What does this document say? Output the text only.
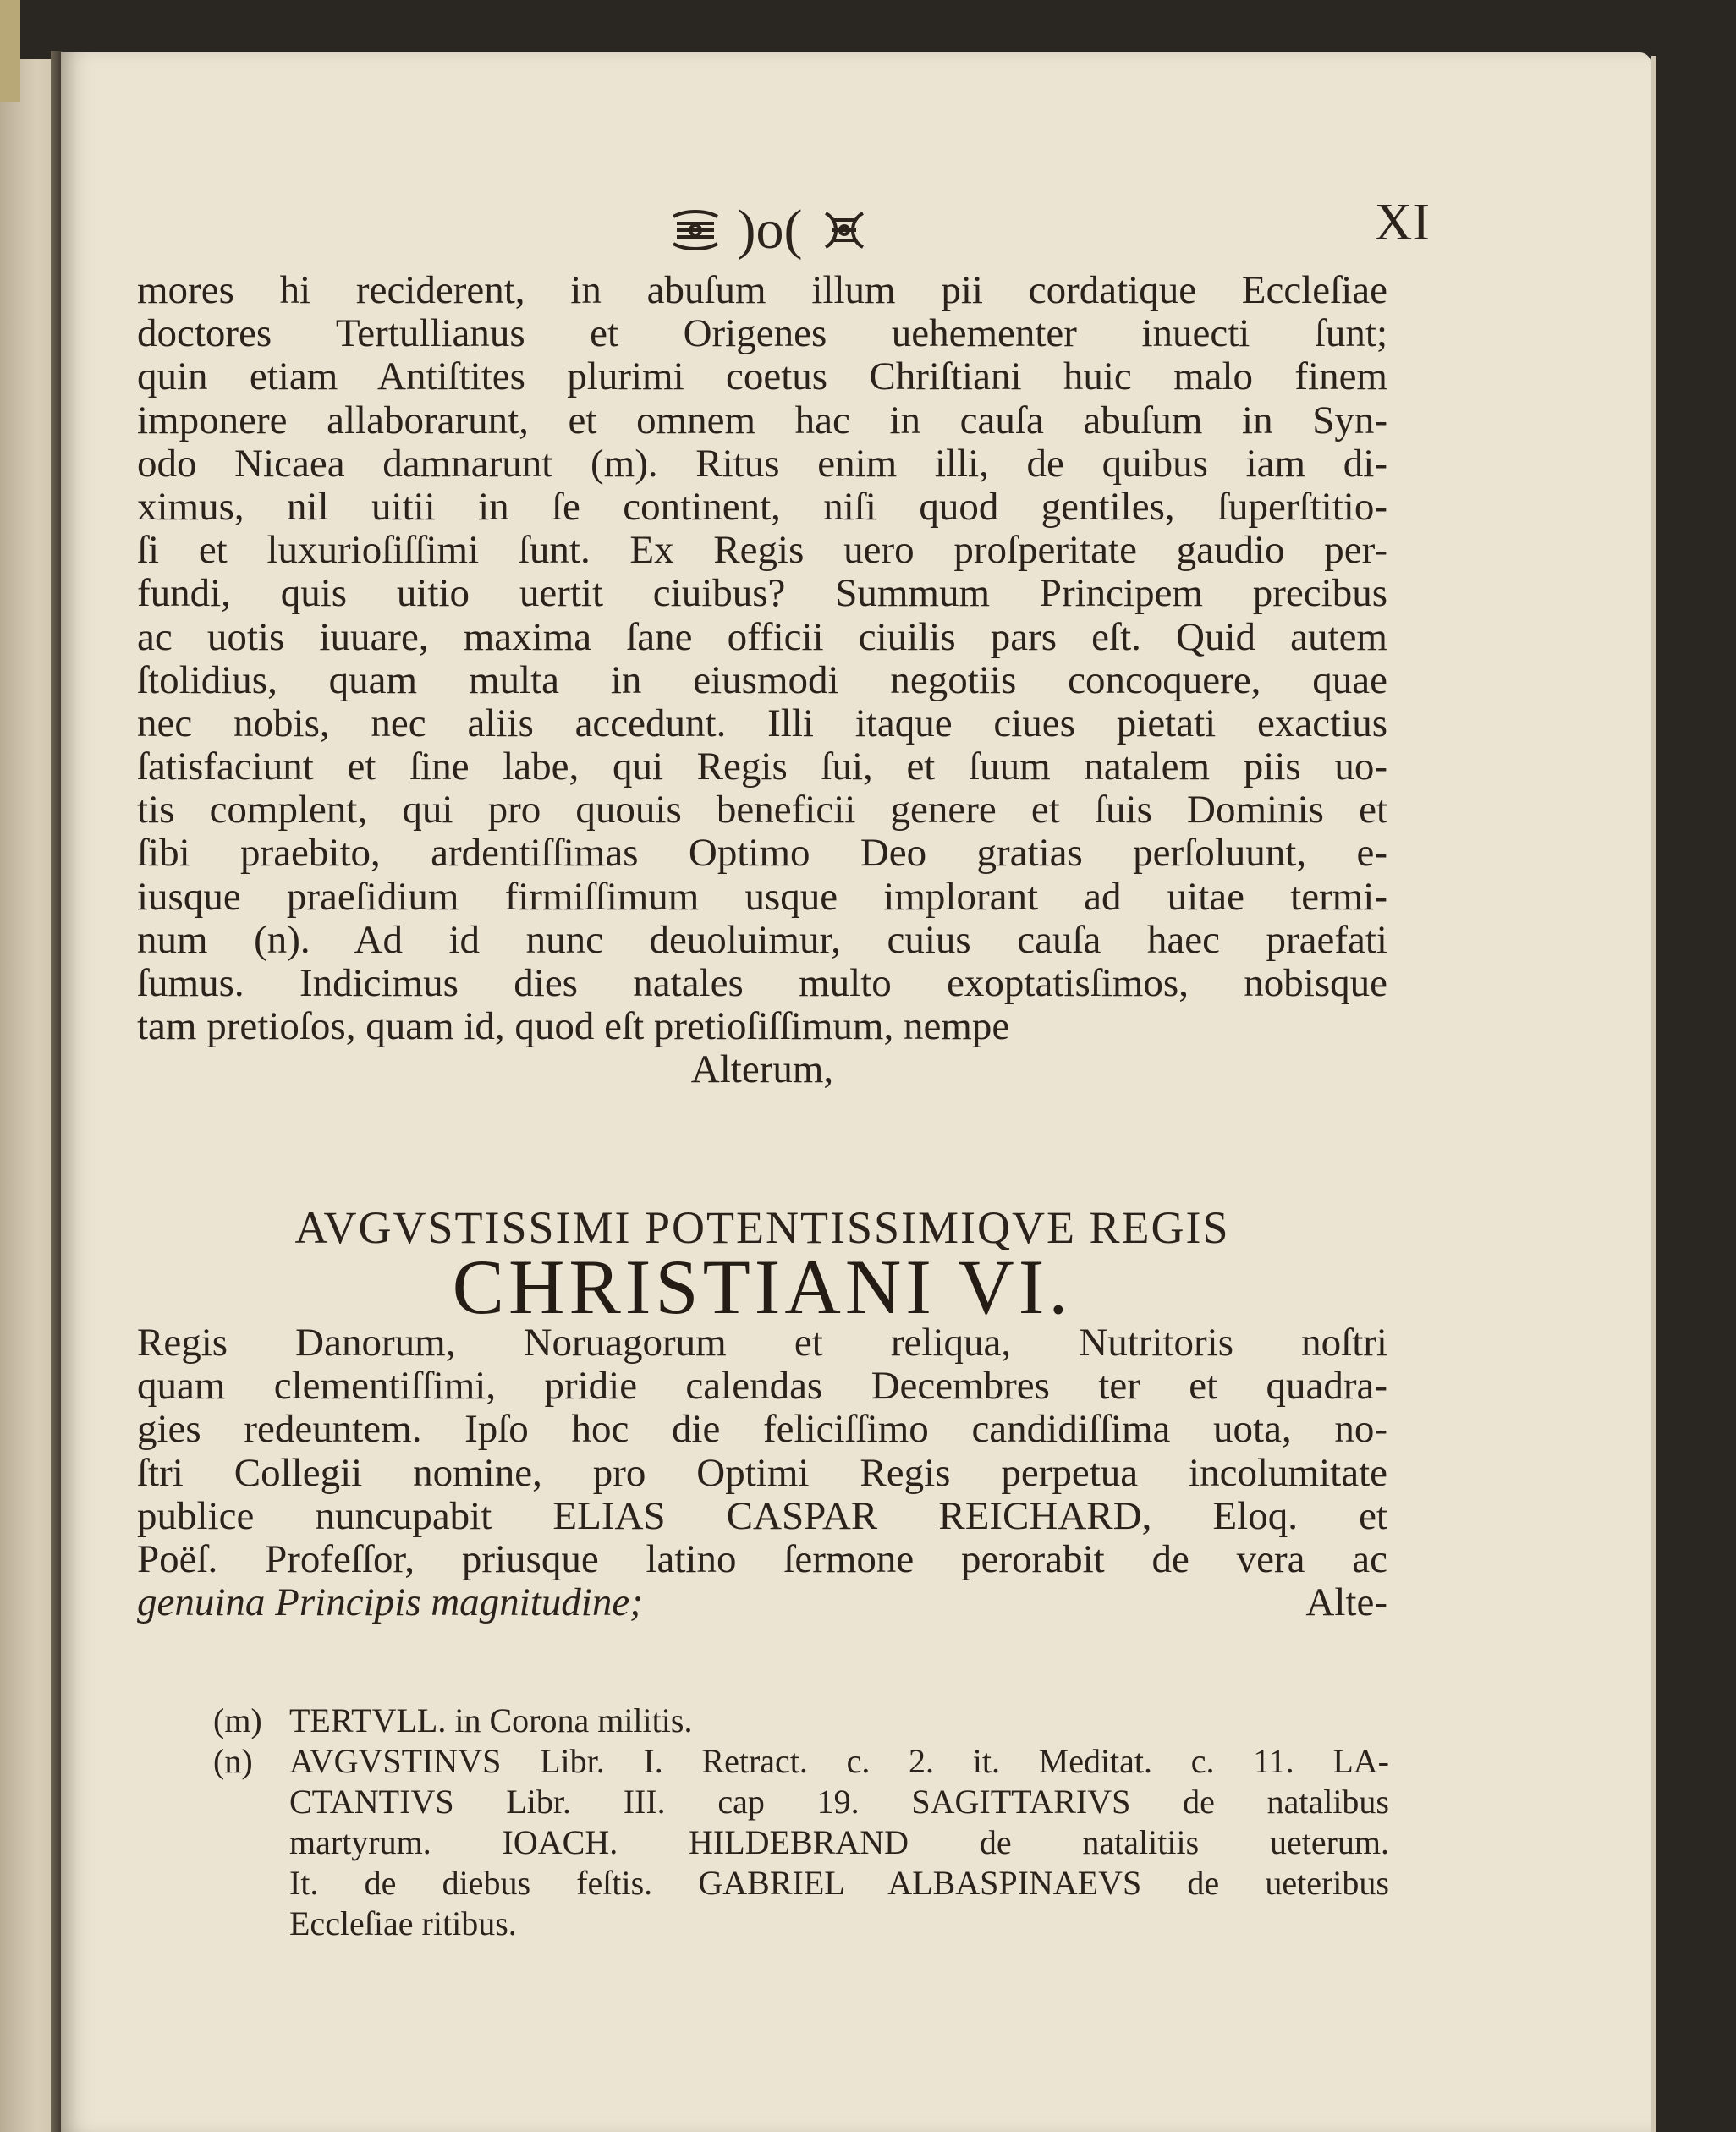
)o(	XI
mores hi reciderent, in abuſum illum pii cordatique Eccleſiae
doctores Tertullianus et Origenes uehementer inuecti ſunt;
quin etiam Antiſtites plurimi coetus Chriſtiani huic malo finem
imponere allaborarunt, et omnem hac in cauſa abuſum in Syn-
odo Nicaea damnarunt (m). Ritus enim illi, de quibus iam di-
ximus, nil uitii in ſe continent, niſi quod gentiles, ſuperſtitio-
ſi et luxurioſiſſimi ſunt. Ex Regis uero proſperitate gaudio per-
fundi, quis uitio uertit ciuibus? Summum Principem precibus
ac uotis iuuare, maxima ſane officii ciuilis pars eſt. Quid autem
ſtolidius, quam multa in eiusmodi negotiis concoquere, quae
nec nobis, nec aliis accedunt. Illi itaque ciues pietati exactius
ſatisfaciunt et ſine labe, qui Regis ſui, et ſuum natalem piis uo-
tis complent, qui pro quouis beneficii genere et ſuis Dominis et
ſibi praebito, ardentiſſimas Optimo Deo gratias perſoluunt, e-
iusque praeſidium firmiſſimum usque implorant ad uitae termi-
num (n). Ad id nunc deuoluimur, cuius cauſa haec praefati
ſumus. Indicimus dies natales multo exoptatisſimos, nobisque
tam pretioſos, quam id, quod eſt pretioſiſſimum, nempe
Alterum,
AVGVSTISSIMI POTENTISSIMIQVE REGIS
CHRISTIANI VI.
Regis Danorum, Noruagorum et reliqua, Nutritoris noſtri
quam clementiſſimi, pridie calendas Decembres ter et quadra-
gies redeuntem. Ipſo hoc die feliciſſimo candidiſſima uota, no-
ſtri Collegii nomine, pro Optimi Regis perpetua incolumitate
publice nuncupabit ELIAS CASPAR REICHARD, Eloq. et
Poëſ. Profeſſor, priusque latino ſermone perorabit de vera ac
genuina Principis magnitudine;	Alte-
(m) TERTVLL. in Corona militis.
(n)	AVGVSTINVS Libr. I. Retract. c. 2. it. Meditat. c. 11. LA-
CTANTIVS Libr. III. cap 19. SAGITTARIVS de natalibus
martyrum. IOACH. HILDEBRAND de natalitiis ueterum.
It. de diebus feſtis. GABRIEL ALBASPINAEVS de ueteribus
Eccleſiae ritibus.
